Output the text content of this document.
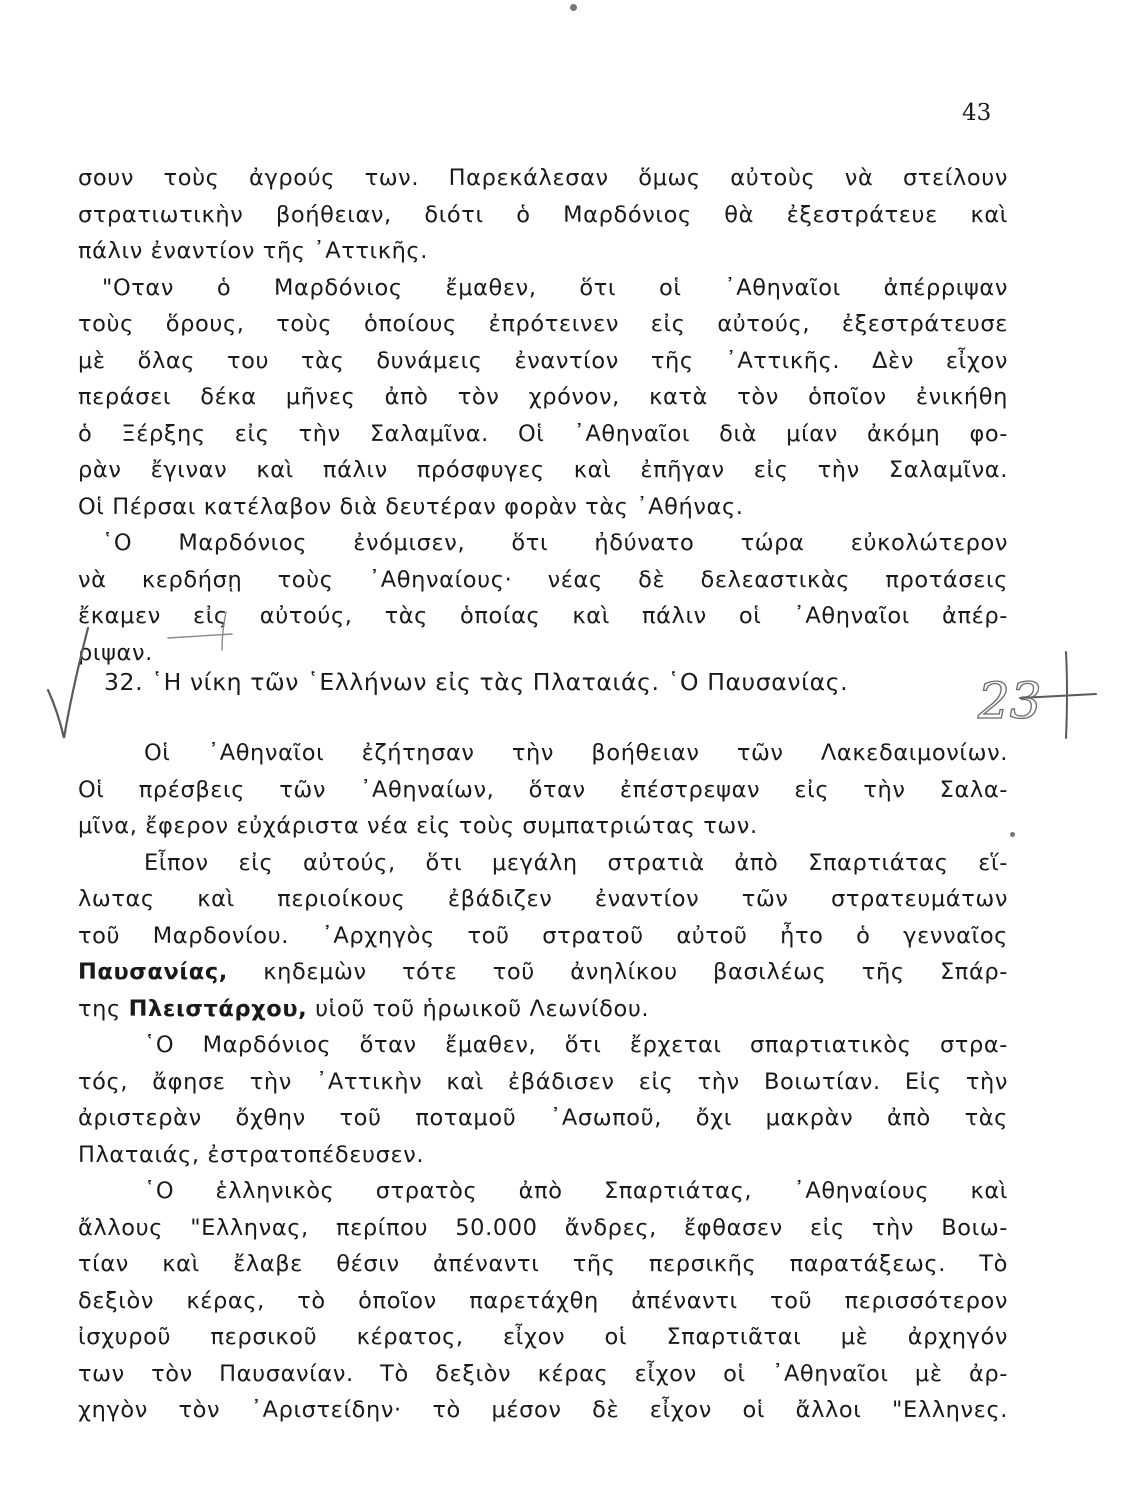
43
σουν τοὺς ἀγρούς των. Παρεκάλεσαν ὅμως αὐτοὺς νὰ στείλουν
στρατιωτικὴν βοήθειαν, διότι ὁ Μαρδόνιος θὰ ἐξεστράτευε καὶ
πάλιν ἐναντίον τῆς ᾿Αττικῆς.
"Οταν ὁ Μαρδόνιος ἔμαθεν, ὅτι οἱ ᾿Αθηναῖοι ἀπέρριψαν
τοὺς ὅρους, τοὺς ὁποίους ἐπρότεινεν εἰς αὐτούς, ἐξεστράτευσε
μὲ ὅλας του τὰς δυνάμεις ἐναντίον τῆς ᾿Αττικῆς. Δὲν εἶχον
περάσει δέκα μῆνες ἀπὸ τὸν χρόνον, κατὰ τὸν ὁποῖον ἐνικήθη
ὁ Ξέρξης εἰς τὴν Σαλαμῖνα. Οἱ ᾿Αθηναῖοι διὰ μίαν ἀκόμη φο-
ρὰν ἔγιναν καὶ πάλιν πρόσφυγες καὶ ἐπῆγαν εἰς τὴν Σαλαμῖνα.
Οἱ Πέρσαι κατέλαβον διὰ δευτέραν φορὰν τὰς ᾿Αθήνας.
῾Ο Μαρδόνιος ἐνόμισεν, ὅτι ἠδύνατο τώρα εὐκολώτερον
νὰ κερδήσῃ τοὺς ᾿Αθηναίους· νέας δὲ δελεαστικὰς προτάσεις
ἔκαμεν εἰς αὐτούς, τὰς ὁποίας καὶ πάλιν οἱ ᾿Αθηναῖοι ἀπέρ-
ριψαν.
32. ῾Η νίκη τῶν ῾Ελλήνων εἰς τὰς Πλαταιάς. ῾Ο Παυσανίας.
Οἱ ᾿Αθηναῖοι ἐζήτησαν τὴν βοήθειαν τῶν Λακεδαιμονίων.
Οἱ πρέσβεις τῶν ᾿Αθηναίων, ὅταν ἐπέστρεψαν εἰς τὴν Σαλα-
μῖνα, ἔφερον εὐχάριστα νέα εἰς τοὺς συμπατριώτας των.
Εἶπον εἰς αὐτούς, ὅτι μεγάλη στρατιὰ ἀπὸ Σπαρτιάτας εἵ-
λωτας καὶ περιοίκους ἐβάδιζεν ἐναντίον τῶν στρατευμάτων
τοῦ Μαρδονίου. ᾿Αρχηγὸς τοῦ στρατοῦ αὐτοῦ ἦτο ὁ γενναῖος
Παυσανίας, κηδεμὼν τότε τοῦ ἀνηλίκου βασιλέως τῆς Σπάρ-
της Πλειστάρχου, υἱοῦ τοῦ ἡρωικοῦ Λεωνίδου.
῾Ο Μαρδόνιος ὅταν ἔμαθεν, ὅτι ἔρχεται σπαρτιατικὸς στρα-
τός, ἄφησε τὴν ᾿Αττικὴν καὶ ἐβάδισεν εἰς τὴν Βοιωτίαν. Εἰς τὴν
ἀριστερὰν ὄχθην τοῦ ποταμοῦ ᾿Ασωποῦ, ὄχι μακρὰν ἀπὸ τὰς
Πλαταιάς, ἐστρατοπέδευσεν.
῾Ο ἑλληνικὸς στρατὸς ἀπὸ Σπαρτιάτας, ᾿Αθηναίους καὶ
ἄλλους "Ελληνας, περίπου 50.000 ἄνδρες, ἔφθασεν εἰς τὴν Βοιω-
τίαν καὶ ἔλαβε θέσιν ἀπέναντι τῆς περσικῆς παρατάξεως. Τὸ
δεξιὸν κέρας, τὸ ὁποῖον παρετάχθη ἀπέναντι τοῦ περισσότερον
ἰσχυροῦ περσικοῦ κέρατος, εἶχον οἱ Σπαρτιᾶται μὲ ἀρχηγόν
των τὸν Παυσανίαν. Τὸ δεξιὸν κέρας εἶχον οἱ ᾿Αθηναῖοι μὲ ἀρ-
χηγὸν τὸν ᾿Αριστείδην· τὸ μέσον δὲ εἶχον οἱ ἄλλοι "Ελληνες.
23
